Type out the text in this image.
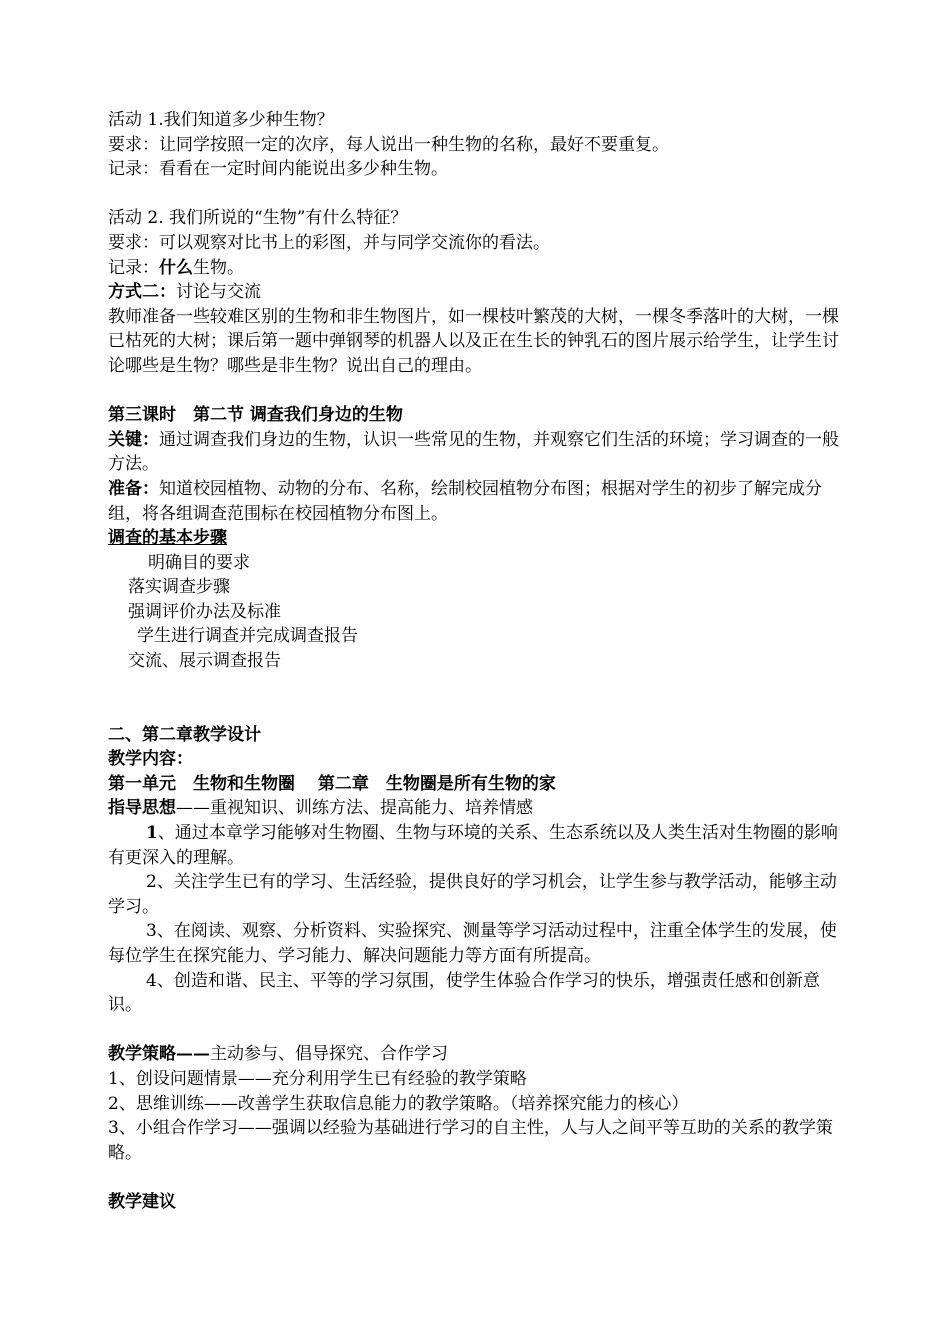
活动 1.我们知道多少种生物？
要求：让同学按照一定的次序，每人说出一种生物的名称，最好不要重复。
记录：看看在一定时间内能说出多少种生物。
活动 2. 我们所说的“生物”有什么特征？
要求：可以观察对比书上的彩图，并与同学交流你的看法。
记录：什么生物。
方式二：讨论与交流
教师准备一些较难区别的生物和非生物图片，如一棵枝叶繁茂的大树，一棵冬季落叶的大树，一棵已枯死的大树；课后第一题中弹钢琴的机器人以及正在生长的钟乳石的图片展示给学生，让学生讨论哪些是生物？哪些是非生物？说出自己的理由。
第三课时　第二节 调查我们身边的生物
关键：通过调查我们身边的生物，认识一些常见的生物，并观察它们生活的环境；学习调查的一般方法。
准备：知道校园植物、动物的分布、名称，绘制校园植物分布图；根据对学生的初步了解完成分组，将各组调查范围标在校园植物分布图上。
调查的基本步骤
明确目的要求
落实调查步骤
强调评价办法及标准
学生进行调查并完成调查报告
交流、展示调查报告
二、第二章教学设计
教学内容：
第一单元　生物和生物圈　 第二章　生物圈是所有生物的家
指导思想——重视知识、训练方法、提高能力、培养情感
1、通过本章学习能够对生物圈、生物与环境的关系、生态系统以及人类生活对生物圈的影响有更深入的理解。
2、关注学生已有的学习、生活经验，提供良好的学习机会，让学生参与教学活动，能够主动学习。
3、在阅读、观察、分析资料、实验探究、测量等学习活动过程中，注重全体学生的发展，使每位学生在探究能力、学习能力、解决问题能力等方面有所提高。
4、创造和谐、民主、平等的学习氛围，使学生体验合作学习的快乐，增强责任感和创新意识。
教学策略——主动参与、倡导探究、合作学习
1、创设问题情景——充分利用学生已有经验的教学策略
2、思维训练——改善学生获取信息能力的教学策略。（培养探究能力的核心）
3、小组合作学习——强调以经验为基础进行学习的自主性，人与人之间平等互助的关系的教学策略。
教学建议
